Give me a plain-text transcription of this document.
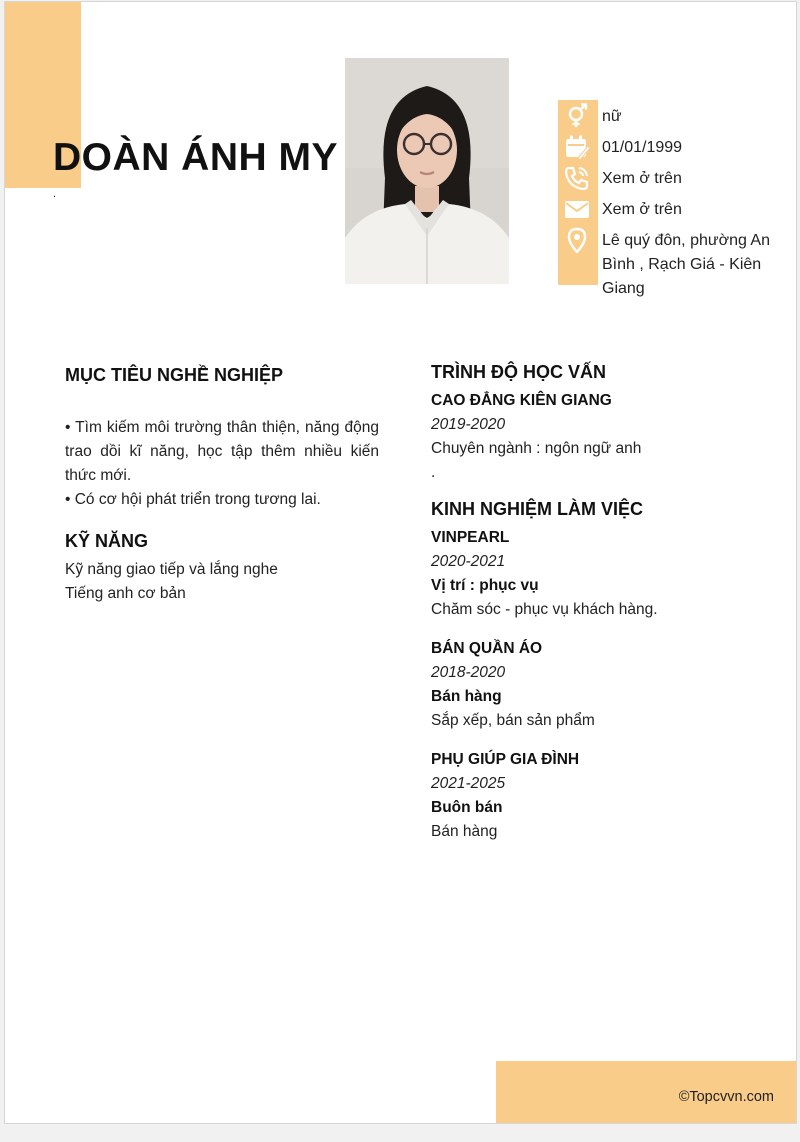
DOÀN ÁNH MY
.
nữ
01/01/1999
Xem ở trên
Xem ở trên
Lê quý đôn, phường An Bình , Rạch Giá - Kiên Giang
MỤC TIÊU NGHỀ NGHIỆP
• Tìm kiếm môi trường thân thiện, năng động trao dồi kĩ năng, học tập thêm nhiều kiến thức mới.
• Có cơ hội phát triển trong tương lai.
KỸ NĂNG
Kỹ năng giao tiếp và lắng nghe
Tiếng anh cơ bản
TRÌNH ĐỘ HỌC VẤN
CAO ĐẲNG KIÊN GIANG
2019-2020
Chuyên ngành : ngôn ngữ anh
.
KINH NGHIỆM LÀM VIỆC
VINPEARL
2020-2021
Vị trí : phục vụ
Chăm sóc - phục vụ khách hàng.
BÁN QUẦN ÁO
2018-2020
Bán hàng
Sắp xếp, bán sản phẩm
PHỤ GIÚP GIA ĐÌNH
2021-2025
Buôn bán
Bán hàng
©Topcvvn.com
